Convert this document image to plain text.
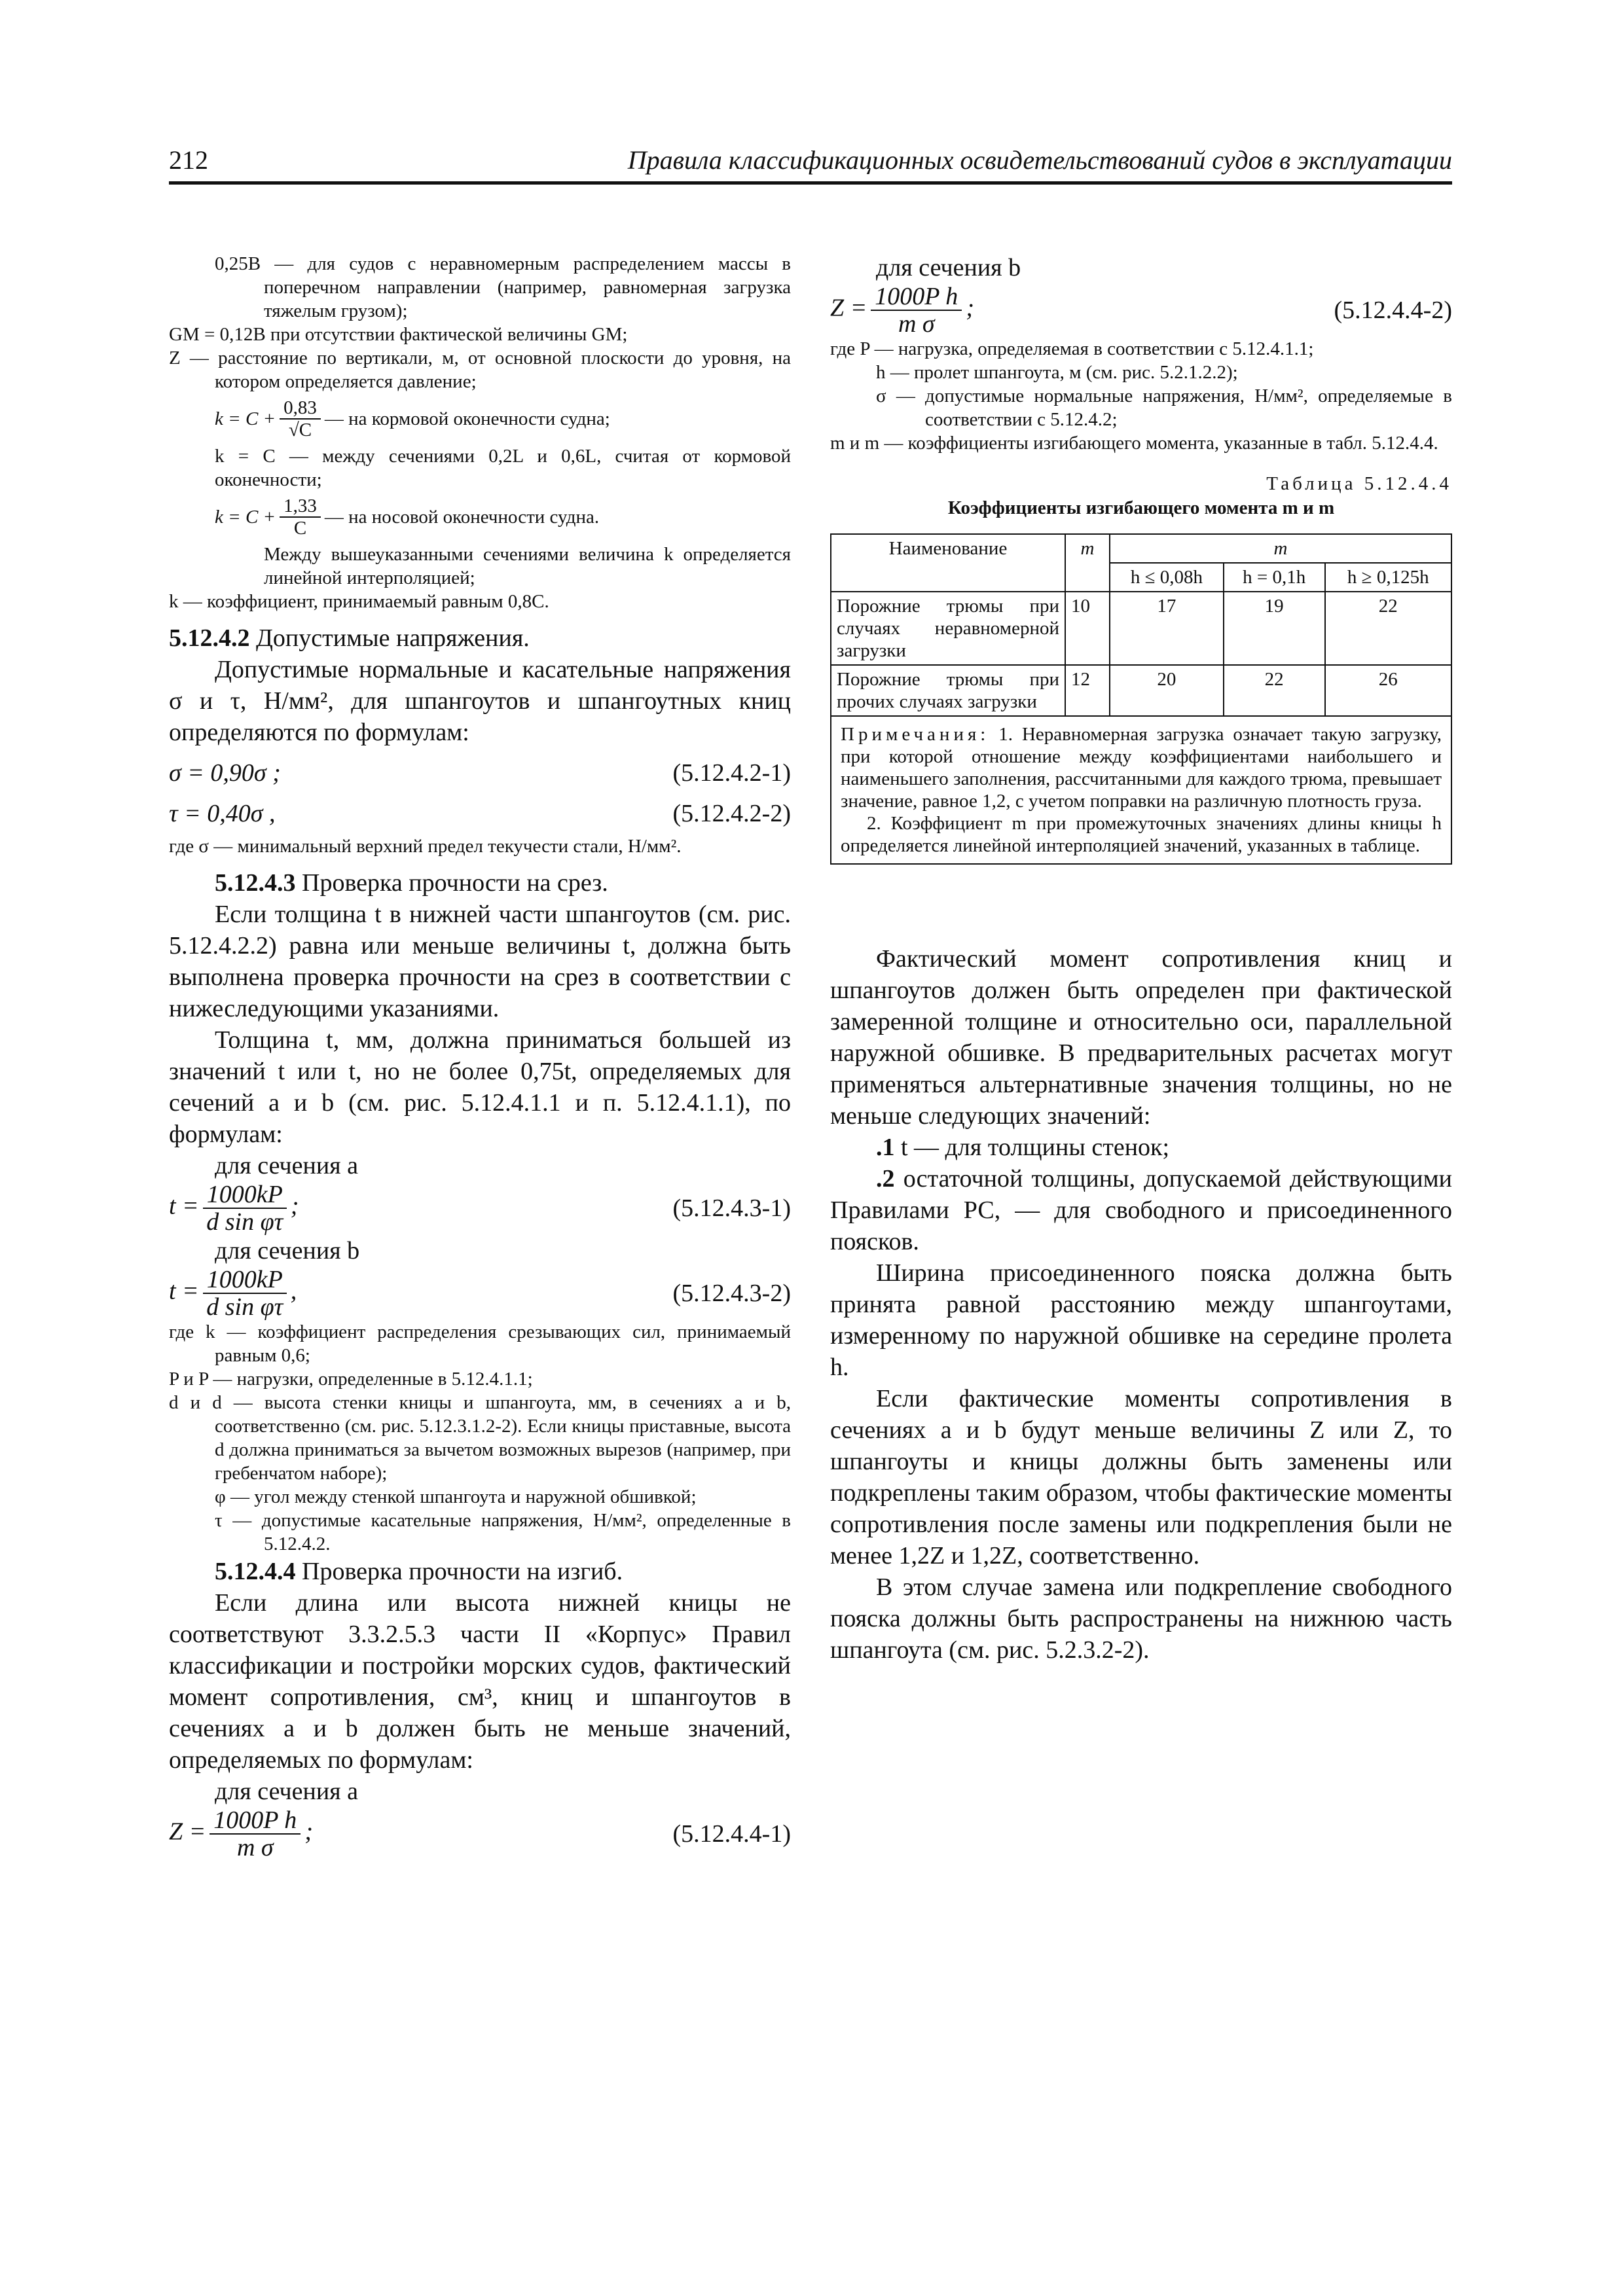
212	Правила классификационных освидетельствований судов в эксплуатации

0,25B — для судов с неравномерным распределением массы в поперечном направлении (например, равномерная загрузка тяжелым грузом);

GM = 0,12B при отсутствии фактической величины GM;

Z — расстояние по вертикали, м, от основной плоскости до уровня, на котором определяется давление;

$k = C + \frac{0,83}{√C}$ — на кормовой оконечности судна;

k = C — между сечениями 0,2L и 0,6L, считая от кормовой оконечности;

$k = C + \frac{1,33}{C}$ — на носовой оконечности судна.

Между вышеуказанными сечениями величина k определяется линейной интерполяцией;

k — коэффициент, принимаемый равным 0,8C.

5.12.4.2 Допустимые напряжения.

Допустимые нормальные и касательные напряжения σ и τ, Н/мм², для шпангоутов и шпангоутных книц определяются по формулам:

σ = 0,90σ ;	(5.12.4.2-1)
τ = 0,40σ ,	(5.12.4.2-2)

где σ — минимальный верхний предел текучести стали, Н/мм².

5.12.4.3 Проверка прочности на срез.

Если толщина t в нижней части шпангоутов (см. рис. 5.12.4.2.2) равна или меньше величины t, должна быть выполнена проверка прочности на срез в соответствии с нижеследующими указаниями.

Толщина t, мм, должна приниматься большей из значений t или t, но не более 0,75t, определяемых для сечений a и b (см. рис. 5.12.4.1.1 и п. 5.12.4.1.1), по формулам:

для сечения a

$t = \frac{1000kP}{\text{d sin φτ}}$ ;	(5.12.4.3-1)

для сечения b

$t = \frac{1000kP}{\text{d sin φτ}}$ ,	(5.12.4.3-2)

где k — коэффициент распределения срезывающих сил, принимаемый равным 0,6;

P и P — нагрузки, определенные в 5.12.4.1.1;

d и d — высота стенки кницы и шпангоута, мм, в сечениях a и b, соответственно (см. рис. 5.12.3.1.2-2). Если кницы приставные, высота d должна приниматься за вычетом возможных вырезов (например, при гребенчатом наборе);

φ — угол между стенкой шпангоута и наружной обшивкой;

τ — допустимые касательные напряжения, Н/мм², определенные в 5.12.4.2.

5.12.4.4 Проверка прочности на изгиб.

Если длина или высота нижней кницы не соответствуют 3.3.2.5.3 части II «Корпус» Правил классификации и постройки морских судов, фактический момент сопротивления, см³, книц и шпангоутов в сечениях a и b должен быть не меньше значений, определяемых по формулам:

для сечения a

$Z = \frac{\text{1000P h}}{\text{m σ}}$ ;	(5.12.4.4-1)

для сечения b

$Z = \frac{\text{1000P h}}{\text{m σ}}$ ;	(5.12.4.4-2)

где P — нагрузка, определяемая в соответствии с 5.12.4.1.1;

h — пролет шпангоута, м (см. рис. 5.2.1.2.2);

σ — допустимые нормальные напряжения, Н/мм², определяемые в соответствии с 5.12.4.2;

m и m — коэффициенты изгибающего момента, указанные в табл. 5.12.4.4.

Таблица 5.12.4.4
Коэффициенты изгибающего момента m и m
Наименование	m	m		
		h ≤ 0,08h	h = 0,1h	h ≥ 0,125h
Порожние трюмы при случаях неравномерной загрузки	10	17	19	22
Порожние трюмы при прочих случаях загрузки	12	20	22	26

Примечания: 1. Неравномерная загрузка означает такую загрузку, при которой отношение между коэффициентами наибольшего и наименьшего заполнения, рассчитанными для каждого трюма, превышает значение, равное 1,2, с учетом поправки на различную плотность груза.

2. Коэффициент m при промежуточных значениях длины кницы h определяется линейной интерполяцией значений, указанных в таблице.

Фактический момент сопротивления книц и шпангоутов должен быть определен при фактической замеренной толщине и относительно оси, параллельной наружной обшивке. В предварительных расчетах могут применяться альтернативные значения толщины, но не меньше следующих значений:

.1 t — для толщины стенок;

.2 остаточной толщины, допускаемой действующими Правилами РС, — для свободного и присоединенного поясков.

Ширина присоединенного пояска должна быть принята равной расстоянию между шпангоутами, измеренному по наружной обшивке на середине пролета h.

Если фактические моменты сопротивления в сечениях a и b будут меньше величины Z или Z, то шпангоуты и кницы должны быть заменены или подкреплены таким образом, чтобы фактические моменты сопротивления после замены или подкрепления были не менее 1,2Z и 1,2Z, соответственно.

В этом случае замена или подкрепление свободного пояска должны быть распространены на нижнюю часть шпангоута (см. рис. 5.2.3.2-2).
